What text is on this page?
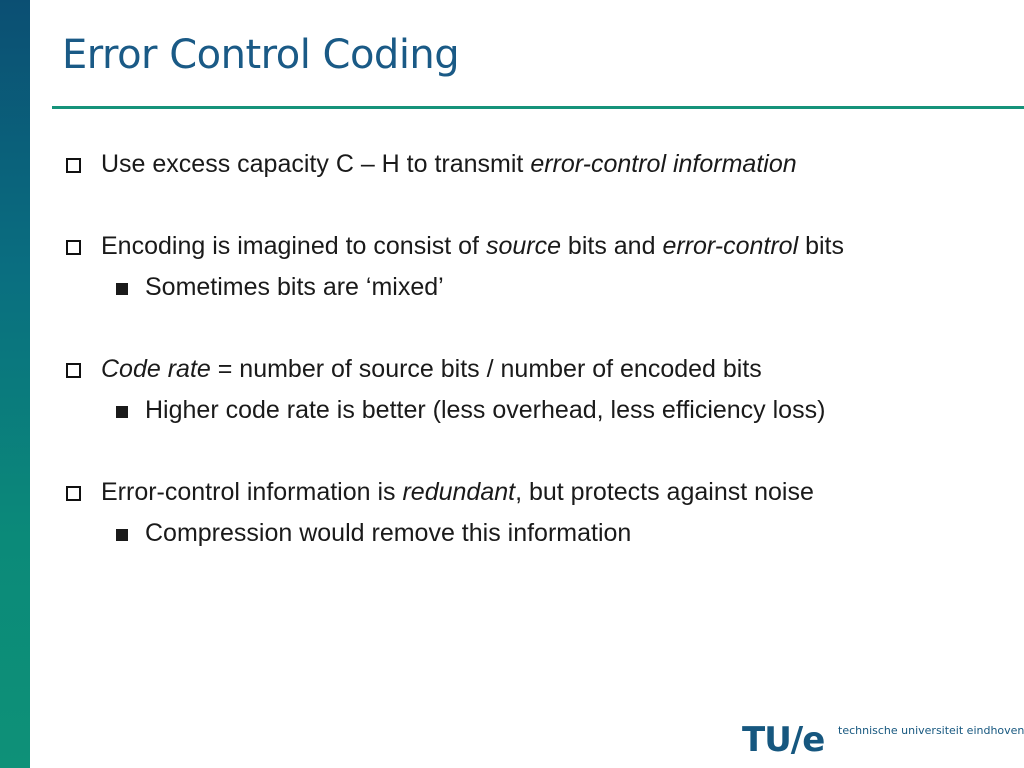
Error Control Coding
Use excess capacity C – H to transmit error-control information
Encoding is imagined to consist of source bits and error-control bits
Sometimes bits are ‘mixed’
Code rate = number of source bits / number of encoded bits
Higher code rate is better (less overhead, less efficiency loss)
Error-control information is redundant, but protects against noise
Compression would remove this information
TU/e technische universiteit eindhoven
